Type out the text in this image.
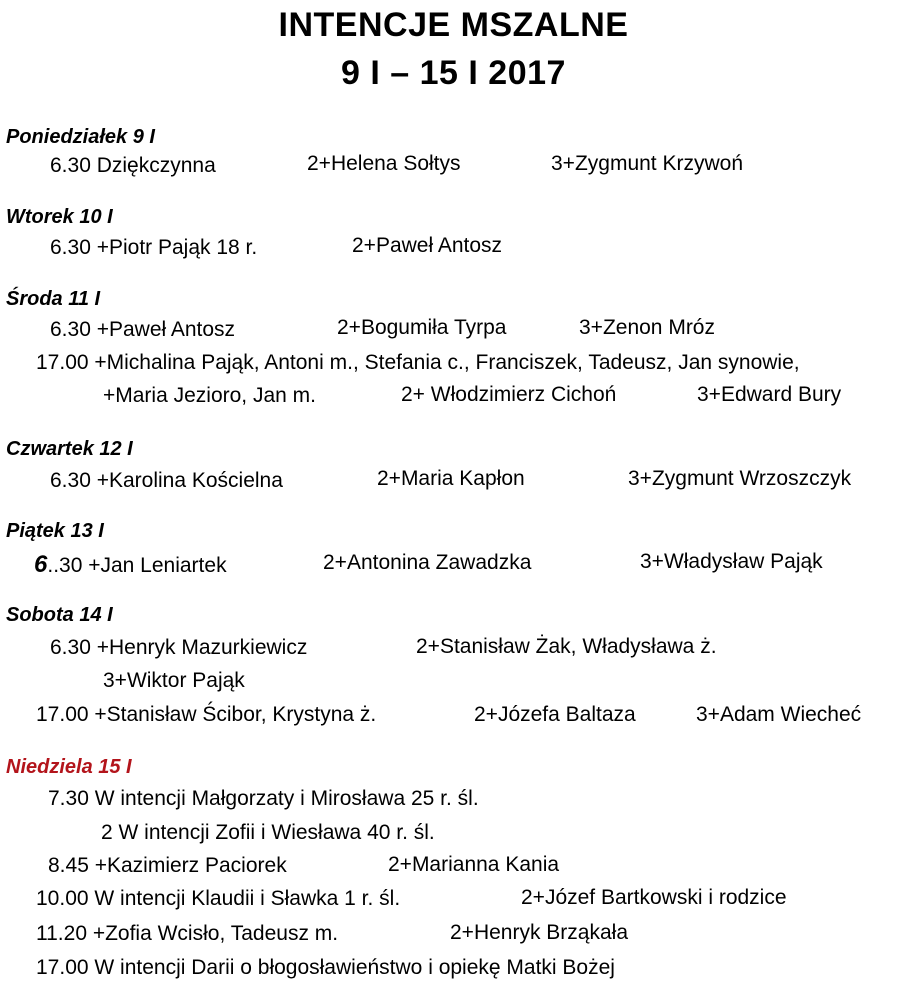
INTENCJE MSZALNE
9 I – 15 I 2017
Poniedziałek 9 I
6.30 Dziękczynna	2+Helena Sołtys	3+Zygmunt Krzywoń
Wtorek 10 I
6.30 +Piotr Pająk 18 r.	2+Paweł Antosz
Środa 11 I
6.30 +Paweł Antosz	2+Bogumiła Tyrpa	3+Zenon Mróz
17.00 +Michalina Pająk, Antoni m., Stefania c., Franciszek, Tadeusz, Jan synowie,
+Maria Jezioro, Jan m.	2+ Włodzimierz Cichoń	3+Edward Bury
Czwartek 12 I
6.30 +Karolina Kościelna	2+Maria Kapłon	3+Zygmunt Wrzoszczyk
Piątek 13 I
6..30 +Jan Leniartek	2+Antonina Zawadzka	3+Władysław Pająk
Sobota 14 I
6.30 +Henryk Mazurkiewicz	2+Stanisław Żak, Władysława ż.
3+Wiktor Pająk
17.00 +Stanisław Ścibor, Krystyna ż.	2+Józefa Baltaza	3+Adam Wiecheć
Niedziela 15 I
7.30 W intencji Małgorzaty i Mirosława 25 r. śl.
2 W intencji Zofii i Wiesława 40 r. śl.
8.45 +Kazimierz Paciorek	2+Marianna Kania
10.00 W intencji Klaudii i Sławka 1 r. śl.	2+Józef Bartkowski i rodzice
11.20 +Zofia Wcisło, Tadeusz m.	2+Henryk Brząkała
17.00 W intencji Darii o błogosławieństwo i opiekę Matki Bożej
